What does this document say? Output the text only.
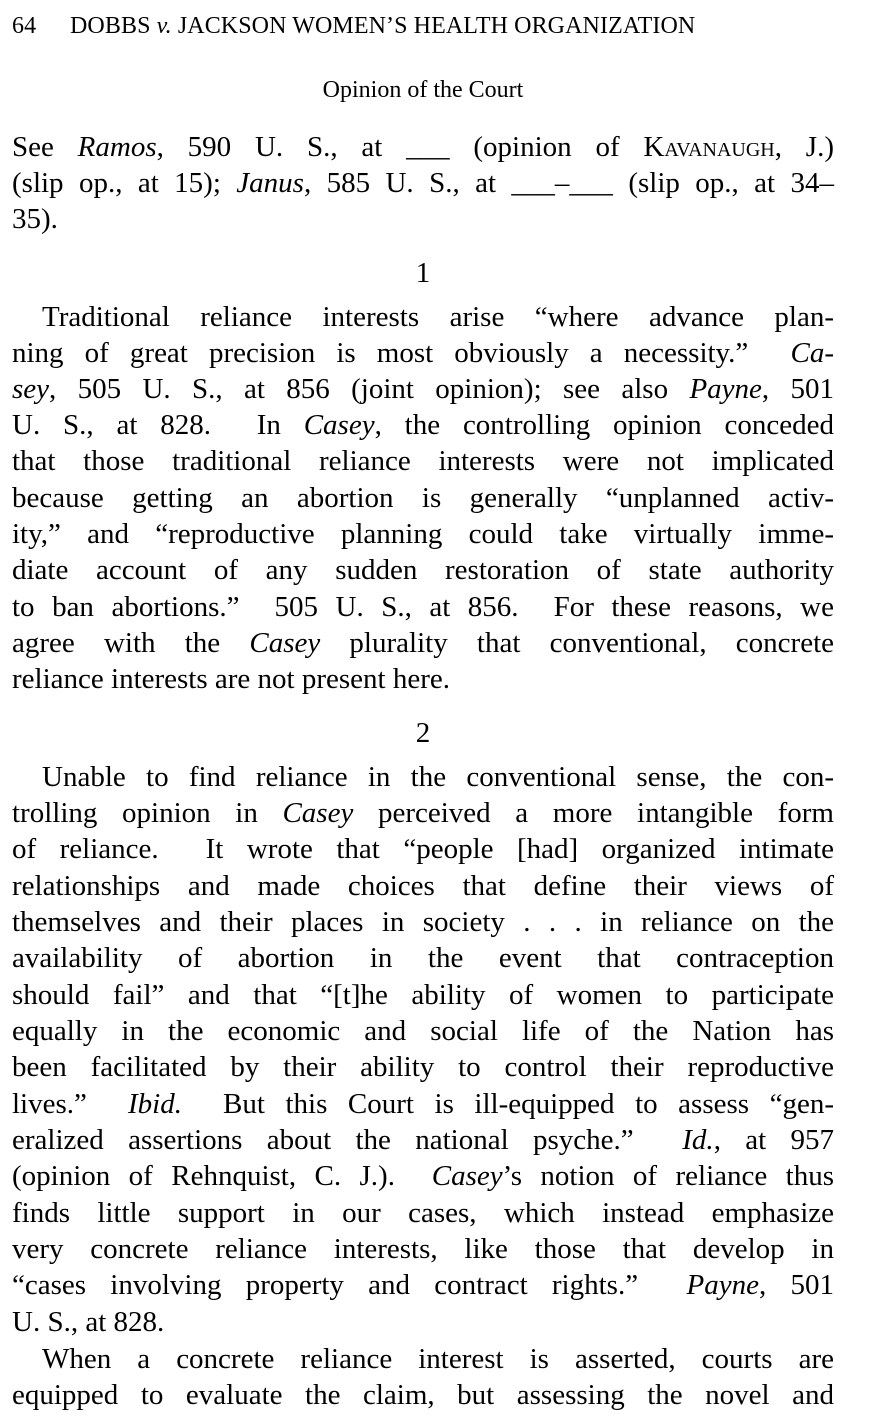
64 DOBBS v. JACKSON WOMEN’S HEALTH ORGANIZATION
Opinion of the Court
See Ramos, 590 U. S., at ___ (opinion of Kavanaugh, J.)
(slip op., at 15); Janus, 585 U. S., at ___–___ (slip op., at 34–
35).
1
Traditional reliance interests arise “where advance plan-
ning of great precision is most obviously a necessity.”  Ca-
sey, 505 U. S., at 856 (joint opinion); see also Payne, 501
U. S., at 828.  In Casey, the controlling opinion conceded
that those traditional reliance interests were not implicated
because getting an abortion is generally “unplanned activ-
ity,” and “reproductive planning could take virtually imme-
diate account of any sudden restoration of state authority
to ban abortions.”  505 U. S., at 856.  For these reasons, we
agree with the Casey plurality that conventional, concrete
reliance interests are not present here.
2
Unable to find reliance in the conventional sense, the con-
trolling opinion in Casey perceived a more intangible form
of reliance.  It wrote that “people [had] organized intimate
relationships and made choices that define their views of
themselves and their places in society . . . in reliance on the
availability of abortion in the event that contraception
should fail” and that “[t]he ability of women to participate
equally in the economic and social life of the Nation has
been facilitated by their ability to control their reproductive
lives.”  Ibid.  But this Court is ill-equipped to assess “gen-
eralized assertions about the national psyche.”  Id., at 957
(opinion of Rehnquist, C. J.).  Casey’s notion of reliance thus
finds little support in our cases, which instead emphasize
very concrete reliance interests, like those that develop in
“cases involving property and contract rights.”  Payne, 501
U. S., at 828.
When a concrete reliance interest is asserted, courts are
equipped to evaluate the claim, but assessing the novel and
